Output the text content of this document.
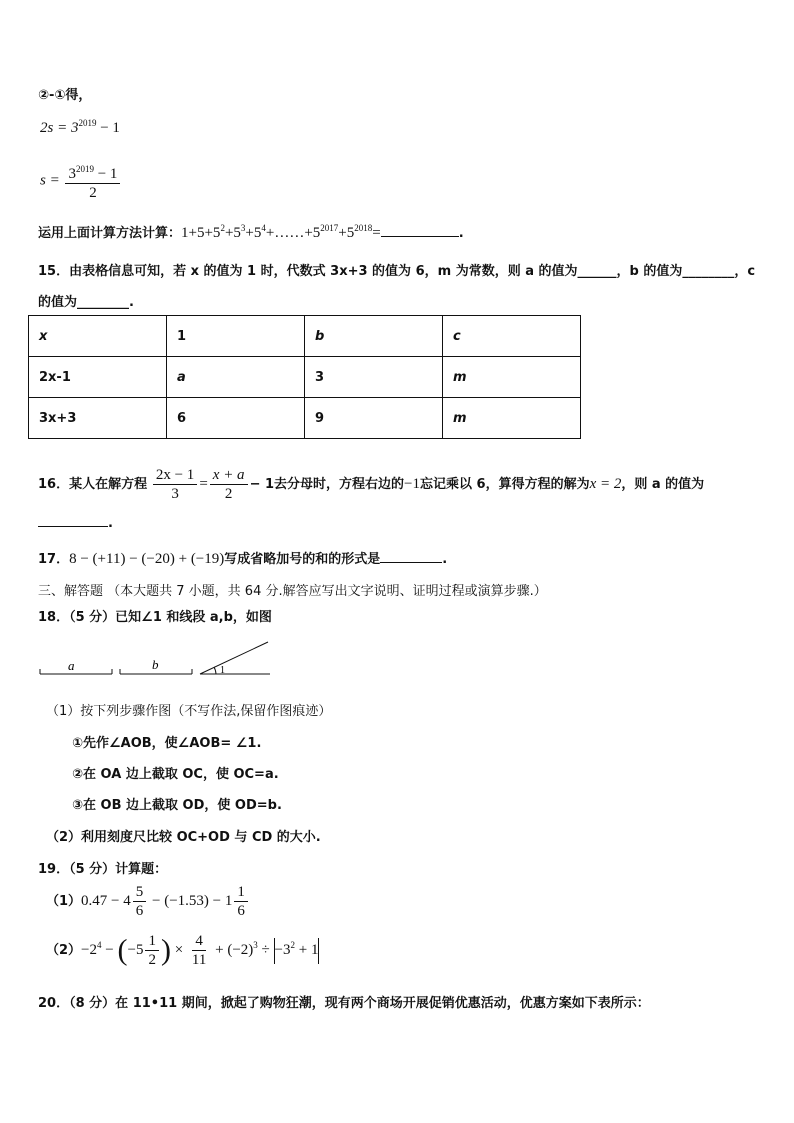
②-①得，
$2s = 3^{2019} - 1$
$s = \frac{3^{2019} - 1}{2}$
运用上面计算方法计算：$1+5+5^2+5^3+5^4+\dots\dots+5^{2017}+5^{2018}=$	.
15．由表格信息可知，若 x 的值为 1 时，代数式 3x+3 的值为 6，m 为常数，则 a 的值为______，b 的值为________，c
的值为________.
x	1	b	c
2x-1	a	3	m
3x+3	6	9	m
16．某人在解方程 $\frac{2x - 1}{3} = \frac{x + a}{2} - 1$去分母时，方程右边的−1忘记乘以 6，算得方程的解为x = 2，则 a 的值为
.
17．8 − (+11) − (−20) + (−19)写成省略加号的和的形式是	.
三、解答题 （本大题共 7 小题，共 64 分.解答应写出文字说明、证明过程或演算步骤.）
18．（5 分）已知∠1 和线段 a,b，如图
a	b	1
（1）按下列步骤作图（不写作法,保留作图痕迹）
①先作∠AOB，使∠AOB= ∠1.
②在 OA 边上截取 OC，使 OC=a.
③在 OB 边上截取 OD，使 OD=b.
（2）利用刻度尺比较 OC+OD 与 CD 的大小.
19．（5 分）计算题：
$(1)0.47 - 4 \frac{5}{6} - (-1.53) - 1 \frac{1}{6}$
$(2)-2^4 - (-5 \frac{1}{2}$ ) × $\frac{4}{11} + (-2)^3 \div -3^2 + 1$
20．（8 分）在 11•11 期间，掀起了购物狂潮，现有两个商场开展促销优惠活动，优惠方案如下表所示：
